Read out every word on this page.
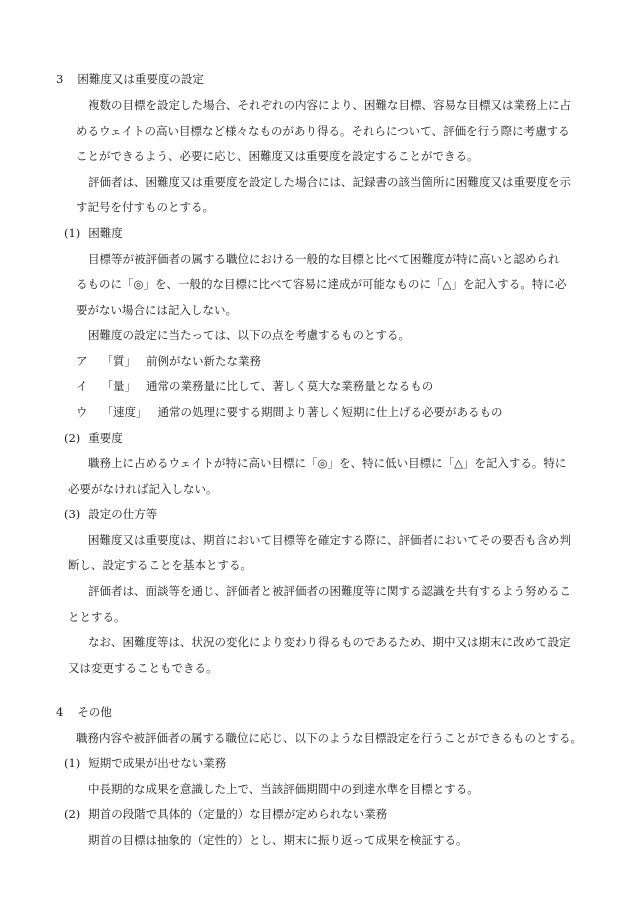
3 困難度又は重要度の設定
複数の目標を設定した場合、それぞれの内容により、困難な目標、容易な目標又は業務上に占
めるウェイトの高い目標など様々なものがあり得る。それらについて、評価を行う際に考慮する
ことができるよう、必要に応じ、困難度又は重要度を設定することができる。
評価者は、困難度又は重要度を設定した場合には、記録書の該当箇所に困難度又は重要度を示
す記号を付すものとする。
(1) 困難度
目標等が被評価者の属する職位における一般的な目標と比べて困難度が特に高いと認められ
るものに「◎」を、一般的な目標に比べて容易に達成が可能なものに「△」を記入する。特に必
要がない場合には記入しない。
困難度の設定に当たっては、以下の点を考慮するものとする。
ア 「質」 前例がない新たな業務
イ 「量」 通常の業務量に比して、著しく莫大な業務量となるもの
ウ 「速度」 通常の処理に要する期間より著しく短期に仕上げる必要があるもの
(2) 重要度
職務上に占めるウェイトが特に高い目標に「◎」を、特に低い目標に「△」を記入する。特に
必要がなければ記入しない。
(3) 設定の仕方等
困難度又は重要度は、期首において目標等を確定する際に、評価者においてその要否も含め判
断し、設定することを基本とする。
評価者は、面談等を通じ、評価者と被評価者の困難度等に関する認識を共有するよう努めるこ
ととする。
なお、困難度等は、状況の変化により変わり得るものであるため、期中又は期末に改めて設定
又は変更することもできる。
4 その他
職務内容や被評価者の属する職位に応じ、以下のような目標設定を行うことができるものとする。
(1) 短期で成果が出せない業務
中長期的な成果を意識した上で、当該評価期間中の到達水準を目標とする。
(2) 期首の段階で具体的（定量的）な目標が定められない業務
期首の目標は抽象的（定性的）とし、期末に振り返って成果を検証する。
